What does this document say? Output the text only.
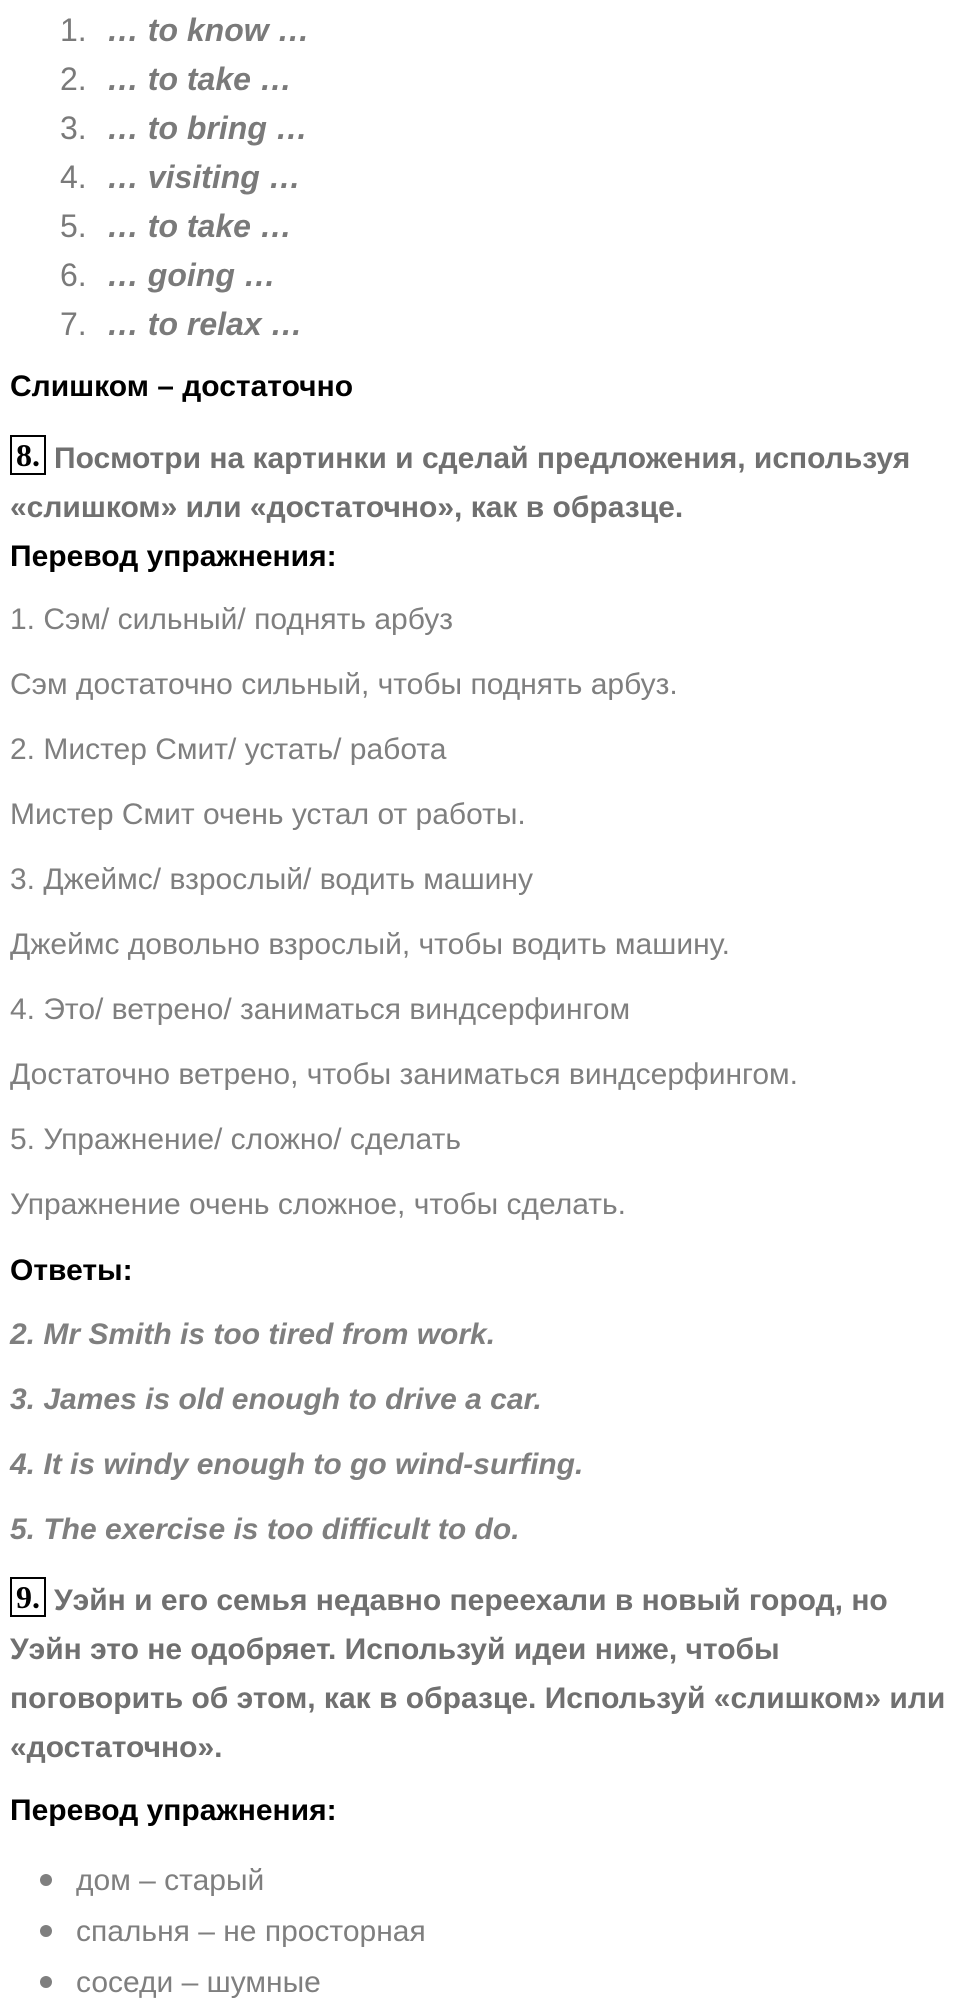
1. … to know …
2. … to take …
3. … to bring …
4. … visiting …
5. … to take …
6. … going …
7. … to relax …

Слишком – достаточно

8. Посмотри на картинки и сделай предложения, используя «слишком» или «достаточно», как в образце.

Перевод упражнения:

1. Сэм/ сильный/ поднять арбуз

Сэм достаточно сильный, чтобы поднять арбуз.

2. Мистер Смит/ устать/ работа

Мистер Смит очень устал от работы.

3. Джеймс/ взрослый/ водить машину

Джеймс довольно взрослый, чтобы водить машину.

4. Это/ ветрено/ заниматься виндсерфингом

Достаточно ветрено, чтобы заниматься виндсерфингом.

5. Упражнение/ сложно/ сделать

Упражнение очень сложное, чтобы сделать.

Ответы:

2. Mr Smith is too tired from work.

3. James is old enough to drive a car.

4. It is windy enough to go wind-surfing.

5. The exercise is too difficult to do.

9. Уэйн и его семья недавно переехали в новый город, но Уэйн это не одобряет. Используй идеи ниже, чтобы поговорить об этом, как в образце. Используй «слишком» или «достаточно».

Перевод упражнения:

дом – старый
спальня – не просторная
соседи – шумные
